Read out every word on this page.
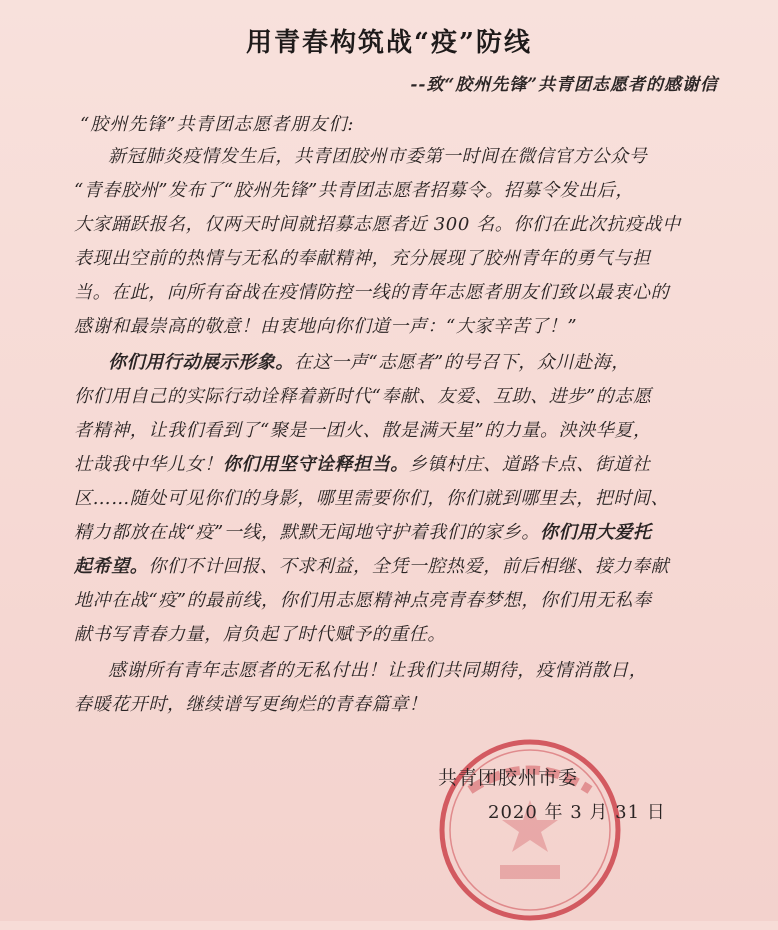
用青春构筑战“疫”防线
--致“胶州先锋”共青团志愿者的感谢信
“胶州先锋”共青团志愿者朋友们:
新冠肺炎疫情发生后，共青团胶州市委第一时间在微信官方公众号
“青春胶州”发布了“胶州先锋”共青团志愿者招募令。招募令发出后，
大家踊跃报名，仅两天时间就招募志愿者近 300 名。你们在此次抗疫战中
表现出空前的热情与无私的奉献精神，充分展现了胶州青年的勇气与担
当。在此，向所有奋战在疫情防控一线的青年志愿者朋友们致以最衷心的
感谢和最崇高的敬意！由衷地向你们道一声：“大家辛苦了！”
你们用行动展示形象。在这一声“志愿者”的号召下，众川赴海，
你们用自己的实际行动诠释着新时代“奉献、友爱、互助、进步”的志愿
者精神，让我们看到了“聚是一团火、散是满天星”的力量。泱泱华夏，
壮哉我中华儿女！你们用坚守诠释担当。乡镇村庄、道路卡点、街道社
区……随处可见你们的身影，哪里需要你们，你们就到哪里去，把时间、
精力都放在战“疫”一线，默默无闻地守护着我们的家乡。你们用大爱托
起希望。你们不计回报、不求利益，全凭一腔热爱，前后相继、接力奉献
地冲在战“疫”的最前线，你们用志愿精神点亮青春梦想，你们用无私奉
献书写青春力量，肩负起了时代赋予的重任。
感谢所有青年志愿者的无私付出！让我们共同期待，疫情消散日，
春暖花开时，继续谱写更绚烂的青春篇章！
共青团胶州市委
2020 年 3 月 31 日
